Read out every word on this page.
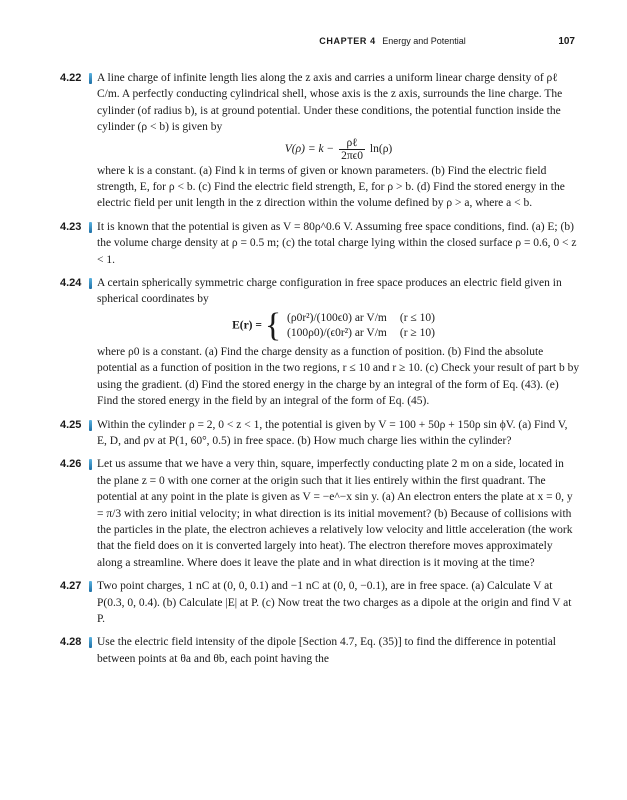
CHAPTER 4 Energy and Potential	107
4.22 A line charge of infinite length lies along the z axis and carries a uniform linear charge density of ρℓ C/m. A perfectly conducting cylindrical shell, whose axis is the z axis, surrounds the line charge. The cylinder (of radius b), is at ground potential. Under these conditions, the potential function inside the cylinder (ρ < b) is given by
$V(\rho) = k - \frac{\text{ρℓ}}{2\pi\epsilon 0} \ln(\rho)$
where k is a constant. (a) Find k in terms of given or known parameters. (b) Find the electric field strength, E, for ρ < b. (c) Find the electric field strength, E, for ρ > b. (d) Find the stored energy in the electric field per unit length in the z direction within the volume defined by ρ > a, where a < b.
4.23 It is known that the potential is given as V = 80ρ^0.6 V. Assuming free space conditions, find. (a) E; (b) the volume charge density at ρ = 0.5 m; (c) the total charge lying within the closed surface ρ = 0.6, 0 < z < 1.
4.24 A certain spherically symmetric charge configuration in free space produces an electric field given in spherical coordinates by
E(r) = { (ρ0r²)/(100ϵ0) ar V/m	(r ≤ 10)
(100ρ0)/(ϵ0r²) ar V/m	(r ≥ 10)
where ρ0 is a constant. (a) Find the charge density as a function of position. (b) Find the absolute potential as a function of position in the two regions, r ≤ 10 and r ≥ 10. (c) Check your result of part b by using the gradient. (d) Find the stored energy in the charge by an integral of the form of Eq. (43). (e) Find the stored energy in the field by an integral of the form of Eq. (45).
4.25 Within the cylinder ρ = 2, 0 < z < 1, the potential is given by V = 100 + 50ρ + 150ρ sin ϕV. (a) Find V, E, D, and ρv at P(1, 60°, 0.5) in free space. (b) How much charge lies within the cylinder?
4.26 Let us assume that we have a very thin, square, imperfectly conducting plate 2 m on a side, located in the plane z = 0 with one corner at the origin such that it lies entirely within the first quadrant. The potential at any point in the plate is given as V = −e^−x sin y. (a) An electron enters the plate at x = 0, y = π/3 with zero initial velocity; in what direction is its initial movement? (b) Because of collisions with the particles in the plate, the electron achieves a relatively low velocity and little acceleration (the work that the field does on it is converted largely into heat). The electron therefore moves approximately along a streamline. Where does it leave the plate and in what direction is it moving at the time?
4.27 Two point charges, 1 nC at (0, 0, 0.1) and −1 nC at (0, 0, −0.1), are in free space. (a) Calculate V at P(0.3, 0, 0.4). (b) Calculate |E| at P. (c) Now treat the two charges as a dipole at the origin and find V at P.
4.28 Use the electric field intensity of the dipole [Section 4.7, Eq. (35)] to find the difference in potential between points at θa and θb, each point having the
